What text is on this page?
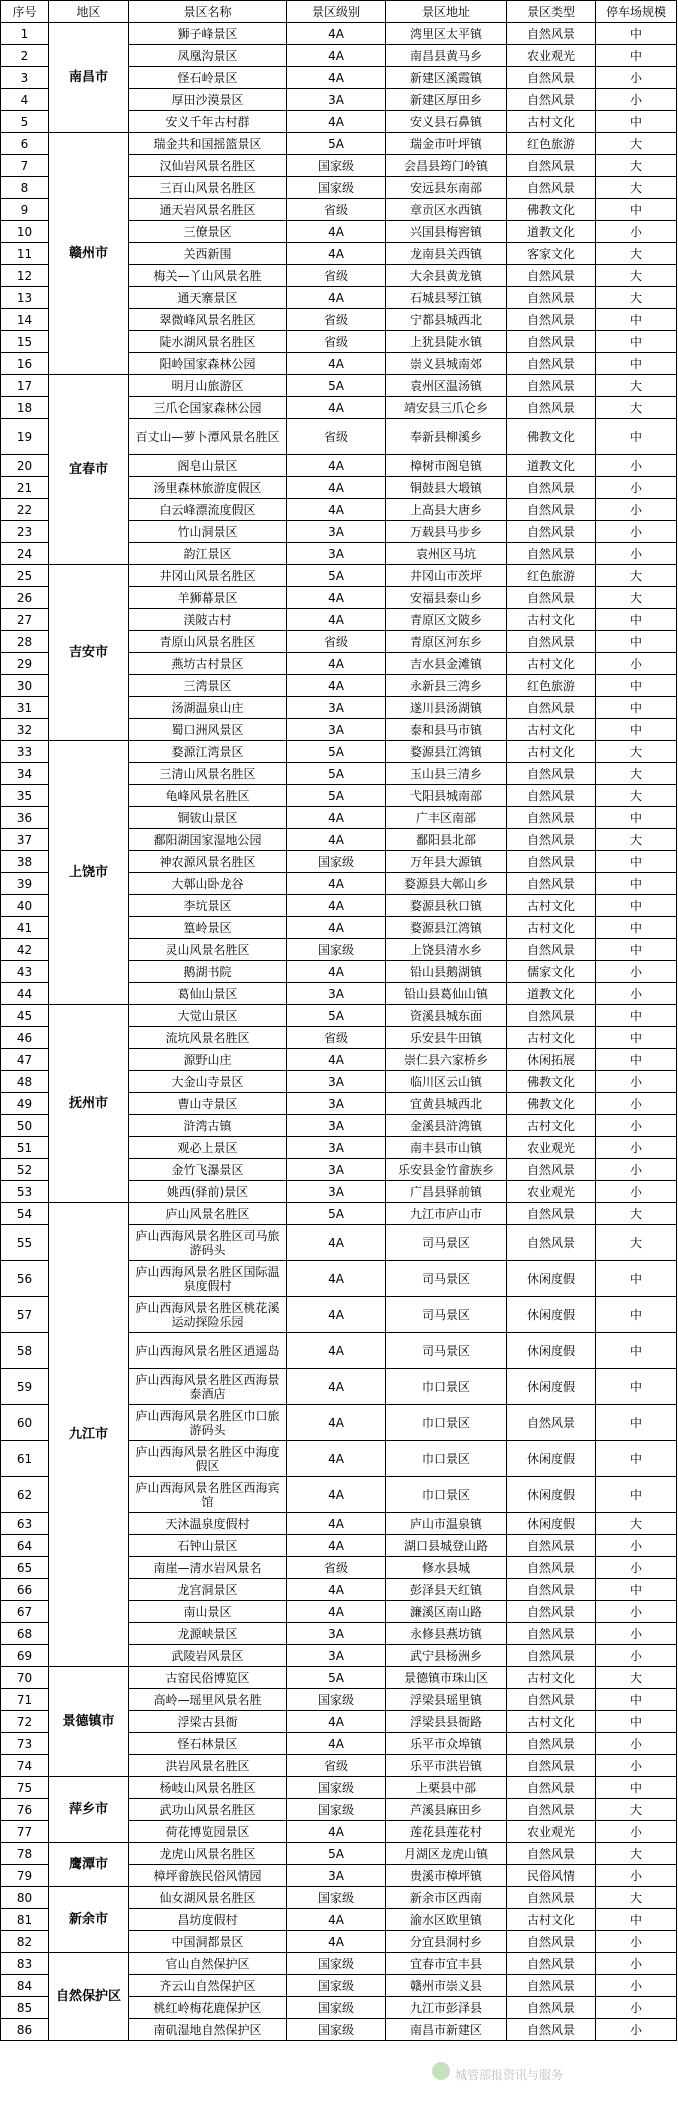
序号	地区	景区名称	景区级别	景区地址	景区类型	停车场规模
1	南昌市	狮子峰景区	4A	湾里区太平镇	自然风景	中
2		凤凰沟景区	4A	南昌县黄马乡	农业观光	中
3		怪石岭景区	4A	新建区溪霞镇	自然风景	小
4		厚田沙漠景区	3A	新建区厚田乡	自然风景	小
5		安义千年古村群	4A	安义县石鼻镇	古村文化	中
6	赣州市	瑞金共和国摇篮景区	5A	瑞金市叶坪镇	红色旅游	大
7		汉仙岩风景名胜区	国家级	会昌县筠门岭镇	自然风景	大
8		三百山风景名胜区	国家级	安远县东南部	自然风景	大
9		通天岩风景名胜区	省级	章贡区水西镇	佛教文化	中
10		三僚景区	4A	兴国县梅窖镇	道教文化	小
11		关西新围	4A	龙南县关西镇	客家文化	大
12		梅关—丫山风景名胜	省级	大余县黄龙镇	自然风景	大
13		通天寨景区	4A	石城县琴江镇	自然风景	大
14		翠微峰风景名胜区	省级	宁都县城西北	自然风景	中
15		陡水湖风景名胜区	省级	上犹县陡水镇	自然风景	中
16		阳岭国家森林公园	4A	崇义县城南郊	自然风景	中
17	宜春市	明月山旅游区	5A	袁州区温汤镇	自然风景	大
18		三爪仑国家森林公园	4A	靖安县三爪仑乡	自然风景	大
19		百丈山—萝卜潭风景名胜区	省级	奉新县柳溪乡	佛教文化	中
20		阁皂山景区	4A	樟树市阁皂镇	道教文化	小
21		汤里森林旅游度假区	4A	铜鼓县大塅镇	自然风景	小
22		白云峰漂流度假区	4A	上高县大唐乡	自然风景	小
23		竹山洞景区	3A	万载县马步乡	自然风景	小
24		韵江景区	3A	袁州区马坑	自然风景	小
25	吉安市	井冈山风景名胜区	5A	井冈山市茨坪	红色旅游	大
26		羊狮幕景区	4A	安福县泰山乡	自然风景	大
27		渼陂古村	4A	青原区文陂乡	古村文化	中
28		青原山风景名胜区	省级	青原区河东乡	自然风景	中
29		燕坊古村景区	4A	吉水县金滩镇	古村文化	小
30		三湾景区	4A	永新县三湾乡	红色旅游	中
31		汤湖温泉山庄	3A	遂川县汤湖镇	自然风景	中
32		蜀口洲风景区	3A	泰和县马市镇	古村文化	中
33	上饶市	婺源江湾景区	5A	婺源县江湾镇	古村文化	大
34		三清山风景名胜区	5A	玉山县三清乡	自然风景	大
35		龟峰风景名胜区	5A	弋阳县城南部	自然风景	大
36		铜钹山景区	4A	广丰区南部	自然风景	中
37		鄱阳湖国家湿地公园	4A	鄱阳县北部	自然风景	大
38		神农源风景名胜区	国家级	万年县大源镇	自然风景	中
39		大鄣山卧龙谷	4A	婺源县大鄣山乡	自然风景	中
40		李坑景区	4A	婺源县秋口镇	古村文化	中
41		篁岭景区	4A	婺源县江湾镇	古村文化	中
42		灵山风景名胜区	国家级	上饶县清水乡	自然风景	中
43		鹅湖书院	4A	铅山县鹅湖镇	儒家文化	小
44		葛仙山景区	3A	铅山县葛仙山镇	道教文化	小
45	抚州市	大觉山景区	5A	资溪县城东面	自然风景	中
46		流坑风景名胜区	省级	乐安县牛田镇	古村文化	中
47		源野山庄	4A	崇仁县六家桥乡	休闲拓展	中
48		大金山寺景区	3A	临川区云山镇	佛教文化	小
49		曹山寺景区	3A	宜黄县城西北	佛教文化	小
50		浒湾古镇	3A	金溪县浒湾镇	古村文化	小
51		观必上景区	3A	南丰县市山镇	农业观光	小
52		金竹飞瀑景区	3A	乐安县金竹畲族乡	自然风景	小
53		姚西(驿前)景区	3A	广昌县驿前镇	农业观光	小
54	九江市	庐山风景名胜区	5A	九江市庐山市	自然风景	大
55		庐山西海风景名胜区司马旅游码头	4A	司马景区	自然风景	大
56		庐山西海风景名胜区国际温泉度假村	4A	司马景区	休闲度假	中
57		庐山西海风景名胜区桃花溪运动探险乐园	4A	司马景区	休闲度假	中
58		庐山西海风景名胜区逍遥岛	4A	司马景区	休闲度假	中
59		庐山西海风景名胜区西海景泰酒店	4A	巾口景区	休闲度假	中
60		庐山西海风景名胜区巾口旅游码头	4A	巾口景区	自然风景	中
61		庐山西海风景名胜区中海度假区	4A	巾口景区	休闲度假	中
62		庐山西海风景名胜区西海宾馆	4A	巾口景区	休闲度假	中
63		天沐温泉度假村	4A	庐山市温泉镇	休闲度假	大
64		石钟山景区	4A	湖口县城登山路	自然风景	小
65		南崖—清水岩风景名	省级	修水县城	自然风景	小
66		龙宫洞景区	4A	彭泽县天红镇	自然风景	中
67		南山景区	4A	濂溪区南山路	自然风景	小
68		龙源峡景区	3A	永修县燕坊镇	自然风景	小
69		武陵岩风景区	3A	武宁县杨洲乡	自然风景	小
70	景德镇市	古窑民俗博览区	5A	景德镇市珠山区	古村文化	大
71		高岭—瑶里风景名胜	国家级	浮梁县瑶里镇	自然风景	中
72		浮梁古县衙	4A	浮梁县县衙路	古村文化	中
73		怪石林景区	4A	乐平市众埠镇	自然风景	小
74		洪岩风景名胜区	省级	乐平市洪岩镇	自然风景	小
75	萍乡市	杨岐山风景名胜区	国家级	上栗县中部	自然风景	中
76		武功山风景名胜区	国家级	芦溪县麻田乡	自然风景	大
77		荷花博览园景区	4A	莲花县莲花村	农业观光	小
78	鹰潭市	龙虎山风景名胜区	5A	月湖区龙虎山镇	自然风景	大
79		樟坪畲族民俗风情园	3A	贵溪市樟坪镇	民俗风情	小
80	新余市	仙女湖风景名胜区	国家级	新余市区西南	自然风景	大
81		昌坊度假村	4A	渝水区欧里镇	古村文化	中
82		中国洞都景区	4A	分宜县洞村乡	自然风景	小
83	自然保护区	官山自然保护区	国家级	宜春市宜丰县	自然风景	小
84		齐云山自然保护区	国家级	赣州市崇义县	自然风景	小
85		桃红岭梅花鹿保护区	国家级	九江市彭泽县	自然风景	小
86		南矶湿地自然保护区	国家级	南昌市新建区	自然风景	小
城管部报资讯与服务
